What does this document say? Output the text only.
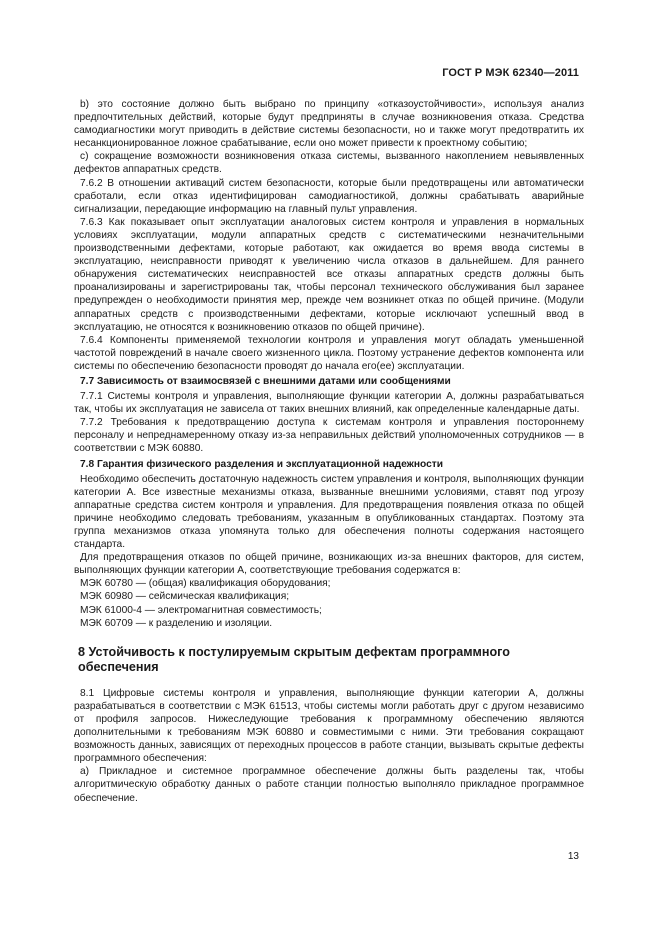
ГОСТ Р МЭК 62340—2011

b) это состояние должно быть выбрано по принципу «отказоустойчивости», используя анализ предпочтительных действий, которые будут предприняты в случае возникновения отказа. Средства самодиагностики могут приводить в действие системы безопасности, но и также могут предотвратить их несанкционированное ложное срабатывание, если оно может привести к проектному событию;

c) сокращение возможности возникновения отказа системы, вызванного накоплением невыявленных дефектов аппаратных средств.

7.6.2 В отношении активаций систем безопасности, которые были предотвращены или автоматически сработали, если отказ идентифицирован самодиагностикой, должны срабатывать аварийные сигнализации, передающие информацию на главный пульт управления.

7.6.3 Как показывает опыт эксплуатации аналоговых систем контроля и управления в нормальных условиях эксплуатации, модули аппаратных средств с систематическими незначительными производственными дефектами, которые работают, как ожидается во время ввода системы в эксплуатацию, неисправности приводят к увеличению числа отказов в дальнейшем. Для раннего обнаружения систематических неисправностей все отказы аппаратных средств должны быть проанализированы и зарегистрированы так, чтобы персонал технического обслуживания был заранее предупрежден о необходимости принятия мер, прежде чем возникнет отказ по общей причине. (Модули аппаратных средств с производственными дефектами, которые исключают успешный ввод в эксплуатацию, не относятся к возникновению отказов по общей причине).

7.6.4 Компоненты применяемой технологии контроля и управления могут обладать уменьшенной частотой повреждений в начале своего жизненного цикла. Поэтому устранение дефектов компонента или системы по обеспечению безопасности проводят до начала его(ее) эксплуатации.

7.7 Зависимость от взаимосвязей с внешними датами или сообщениями

7.7.1 Системы контроля и управления, выполняющие функции категории А, должны разрабатываться так, чтобы их эксплуатация не зависела от таких внешних влияний, как определенные календарные даты.

7.7.2 Требования к предотвращению доступа к системам контроля и управления постороннему персоналу и непреднамеренному отказу из-за неправильных действий уполномоченных сотрудников — в соответствии с МЭК 60880.

7.8 Гарантия физического разделения и эксплуатационной надежности

Необходимо обеспечить достаточную надежность систем управления и контроля, выполняющих функции категории А. Все известные механизмы отказа, вызванные внешними условиями, ставят под угрозу аппаратные средства систем контроля и управления. Для предотвращения появления отказа по общей причине необходимо следовать требованиям, указанным в опубликованных стандартах. Поэтому эта группа механизмов отказа упомянута только для обеспечения полноты содержания настоящего стандарта.

Для предотвращения отказов по общей причине, возникающих из-за внешних факторов, для систем, выполняющих функции категории А, соответствующие требования содержатся в:

МЭК 60780 — (общая) квалификация оборудования;
МЭК 60980 — сейсмическая квалификация;
МЭК 61000-4 — электромагнитная совместимость;
МЭК 60709 — к разделению и изоляции.
8 Устойчивость к постулируемым скрытым дефектам программного обеспечения

8.1 Цифровые системы контроля и управления, выполняющие функции категории А, должны разрабатываться в соответствии с МЭК 61513, чтобы системы могли работать друг с другом независимо от профиля запросов. Нижеследующие требования к программному обеспечению являются дополнительными к требованиям МЭК 60880 и совместимыми с ними. Эти требования сокращают возможность данных, зависящих от переходных процессов в работе станции, вызывать скрытые дефекты программного обеспечения:

а) Прикладное и системное программное обеспечение должны быть разделены так, чтобы алгоритмическую обработку данных о работе станции полностью выполняло прикладное программное обеспечение.

13
